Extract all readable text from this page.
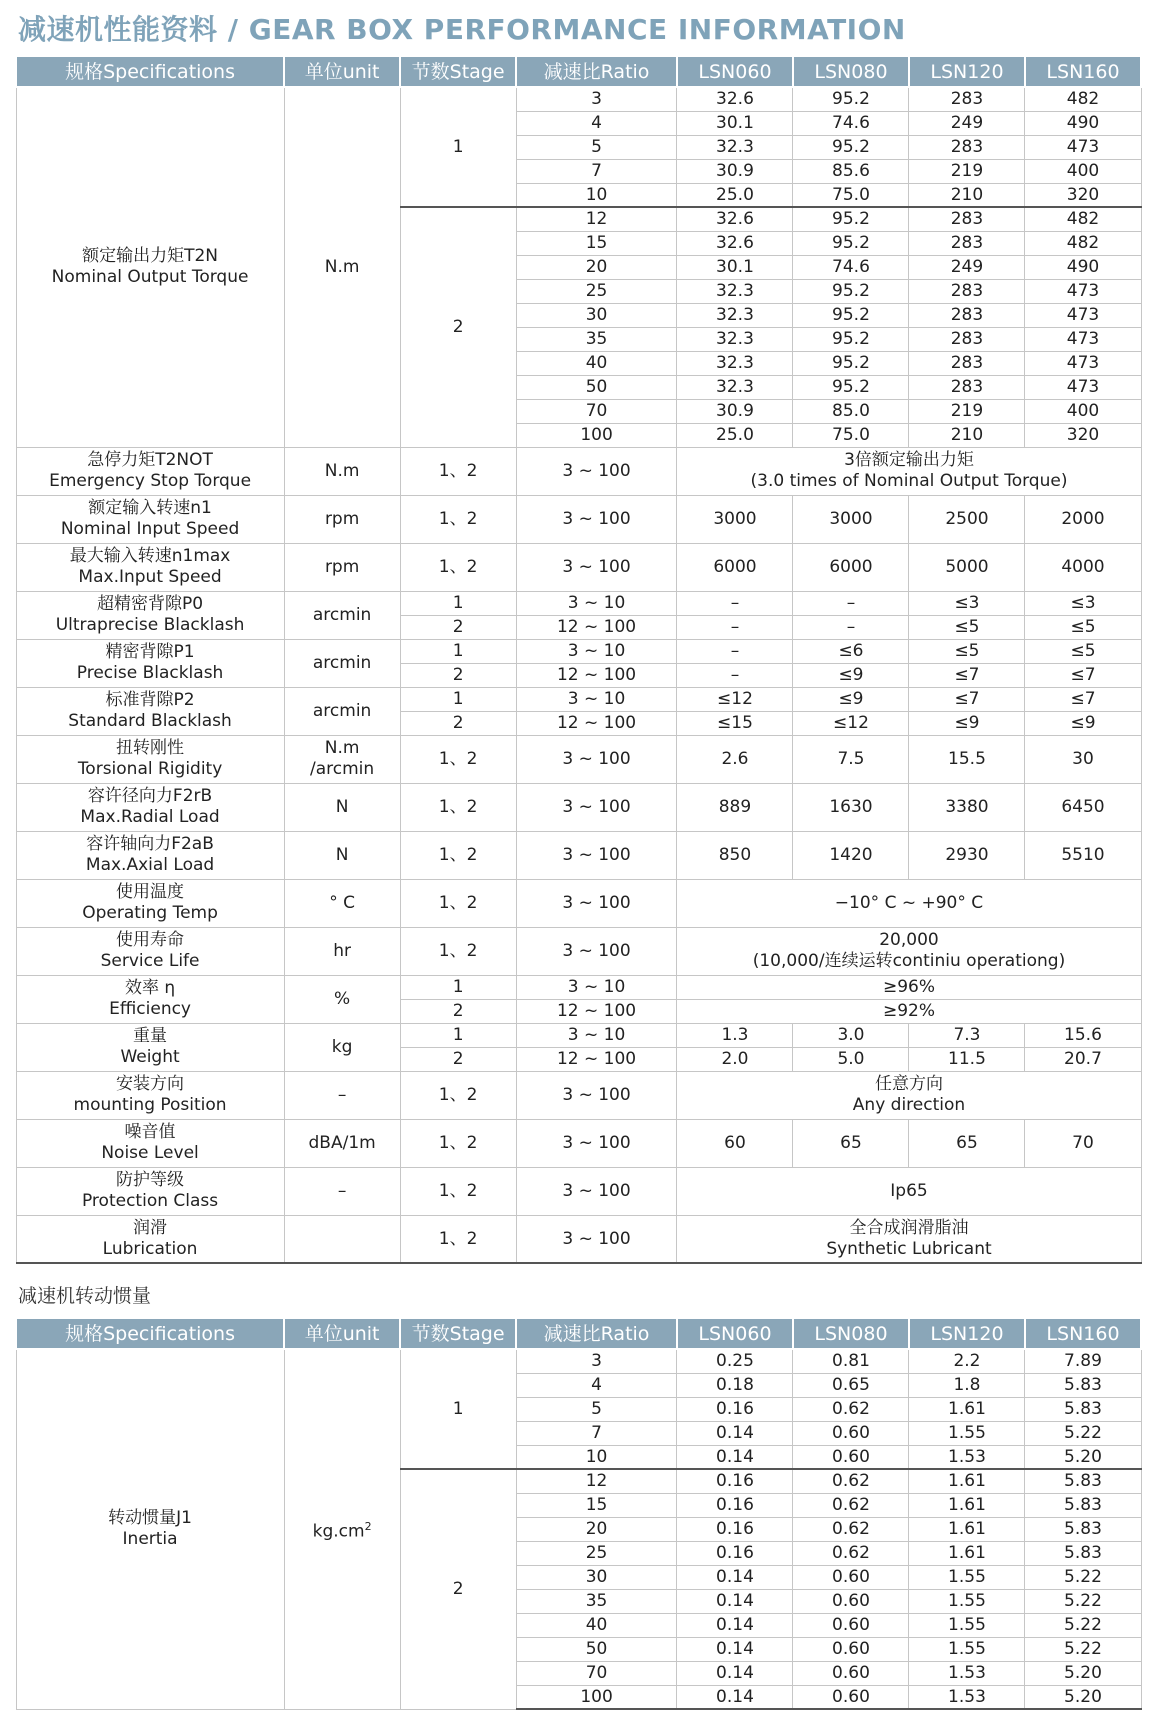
减速机性能资料 / GEAR BOX PERFORMANCE INFORMATION
规格Specifications	单位unit	节数Stage	减速比Ratio	LSN060	LSN080	LSN120	LSN160

额定输出力矩T2N
Nominal Output Torque	N.m	1	3	32.6	95.2	283	482
			4	30.1	74.6	249	490
			5	32.3	95.2	283	473
			7	30.9	85.6	219	400
			10	25.0	75.0	210	320
		2	12	32.6	95.2	283	482
			15	32.6	95.2	283	482
			20	30.1	74.6	249	490
			25	32.3	95.2	283	473
			30	32.3	95.2	283	473
			35	32.3	95.2	283	473
			40	32.3	95.2	283	473
			50	32.3	95.2	283	473
			70	30.9	85.0	219	400
			100	25.0	75.0	210	320

急停力矩T2NOT
Emergency Stop Torque	N.m	1、2	3 ~ 100	3倍额定输出力矩
(3.0 times of Nominal Output Torque)			

额定输入转速n1
Nominal Input Speed	rpm	1、2	3 ~ 100	3000	3000	2500	2000

最大输入转速n1max
Max.Input Speed	rpm	1、2	3 ~ 100	6000	6000	5000	4000

超精密背隙P0
Ultraprecise Blacklash	arcmin	1	3 ~ 10	–	–	≤3	≤3
		2	12 ~ 100	–	–	≤5	≤5

精密背隙P1
Precise Blacklash	arcmin	1	3 ~ 10	–	≤6	≤5	≤5
		2	12 ~ 100	–	≤9	≤7	≤7

标准背隙P2
Standard Blacklash	arcmin	1	3 ~ 10	≤12	≤9	≤7	≤7
		2	12 ~ 100	≤15	≤12	≤9	≤9

扭转刚性
Torsional Rigidity	N.m
/arcmin	1、2	3 ~ 100	2.6	7.5	15.5	30

容许径向力F2rB
Max.Radial Load	N	1、2	3 ~ 100	889	1630	3380	6450

容许轴向力F2aB
Max.Axial Load	N	1、2	3 ~ 100	850	1420	2930	5510

使用温度
Operating Temp	° C	1、2	3 ~ 100	−10° C ~ +90° C			

使用寿命
Service Life	hr	1、2	3 ~ 100	20,000
(10,000/连续运转continiu operationg)			

效率 η
Efficiency	%	1	3 ~ 10	≥96%			
		2	12 ~ 100	≥92%			

重量
Weight	kg	1	3 ~ 10	1.3	3.0	7.3	15.6
		2	12 ~ 100	2.0	5.0	11.5	20.7

安装方向
mounting Position	–	1、2	3 ~ 100	任意方向
Any direction			

噪音值
Noise Level	dBA/1m	1、2	3 ~ 100	60	65	65	70

防护等级
Protection Class	–	1、2	3 ~ 100	Ip65			

润滑
Lubrication		1、2	3 ~ 100	全合成润滑脂油
Synthetic Lubricant			
减速机转动惯量
规格Specifications	单位unit	节数Stage	减速比Ratio	LSN060	LSN080	LSN120	LSN160

转动惯量J1
Inertia	$kg.cm^2$	1	3	0.25	0.81	2.2	7.89
			4	0.18	0.65	1.8	5.83
			5	0.16	0.62	1.61	5.83
			7	0.14	0.60	1.55	5.22
			10	0.14	0.60	1.53	5.20
		2	12	0.16	0.62	1.61	5.83
			15	0.16	0.62	1.61	5.83
			20	0.16	0.62	1.61	5.83
			25	0.16	0.62	1.61	5.83
			30	0.14	0.60	1.55	5.22
			35	0.14	0.60	1.55	5.22
			40	0.14	0.60	1.55	5.22
			50	0.14	0.60	1.55	5.22
			70	0.14	0.60	1.53	5.20
			100	0.14	0.60	1.53	5.20
